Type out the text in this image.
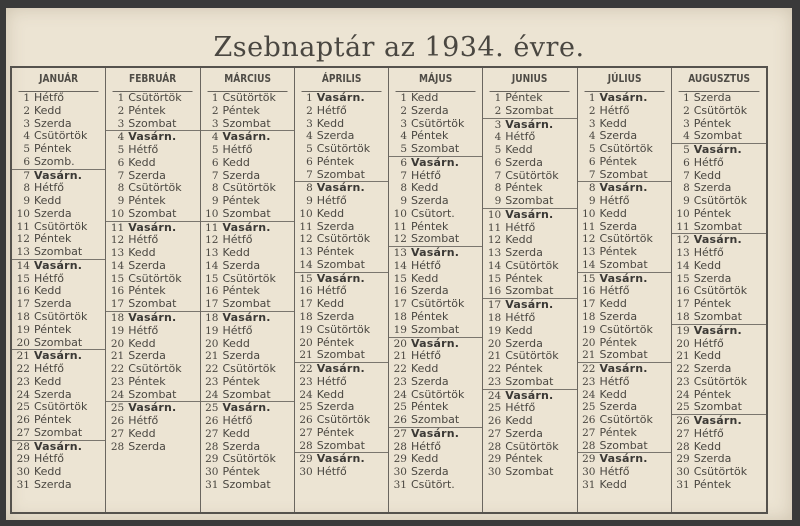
Zsebnaptár az 1934. évre.
JANUÁR
1 Hétfő
2 Kedd
3 Szerda
4 Csütörtök
5 Péntek
6 Szomb.
7 Vasárn.
8 Hétfő
9 Kedd
10 Szerda
11 Csütörtök
12 Péntek
13 Szombat
14 Vasárn.
15 Hétfő
16 Kedd
17 Szerda
18 Csütörtök
19 Péntek
20 Szombat
21 Vasárn.
22 Hétfő
23 Kedd
24 Szerda
25 Csütörtök
26 Péntek
27 Szombat
28 Vasárn.
29 Hétfő
30 Kedd
31 Szerda
FEBRUÁR
1 Csütörtök
2 Péntek
3 Szombat
4 Vasárn.
5 Hétfő
6 Kedd
7 Szerda
8 Csütörtök
9 Péntek
10 Szombat
11 Vasárn.
12 Hétfő
13 Kedd
14 Szerda
15 Csütörtök
16 Péntek
17 Szombat
18 Vasárn.
19 Hétfő
20 Kedd
21 Szerda
22 Csütörtök
23 Péntek
24 Szombat
25 Vasárn.
26 Hétfő
27 Kedd
28 Szerda
MÁRCIUS
1 Csütörtök
2 Péntek
3 Szombat
4 Vasárn.
5 Hétfő
6 Kedd
7 Szerda
8 Csütörtök
9 Péntek
10 Szombat
11 Vasárn.
12 Hétfő
13 Kedd
14 Szerda
15 Csütörtök
16 Péntek
17 Szombat
18 Vasárn.
19 Hétfő
20 Kedd
21 Szerda
22 Csütörtök
23 Péntek
24 Szombat
25 Vasárn.
26 Hétfő
27 Kedd
28 Szerda
29 Csütörtök
30 Péntek
31 Szombat
ÁPRILIS
1 Vasárn.
2 Hétfő
3 Kedd
4 Szerda
5 Csütörtök
6 Péntek
7 Szombat
8 Vasárn.
9 Hétfő
10 Kedd
11 Szerda
12 Csütörtök
13 Péntek
14 Szombat
15 Vasárn.
16 Hétfő
17 Kedd
18 Szerda
19 Csütörtök
20 Péntek
21 Szombat
22 Vasárn.
23 Hétfő
24 Kedd
25 Szerda
26 Csütörtök
27 Péntek
28 Szombat
29 Vasárn.
30 Hétfő
MÁJUS
1 Kedd
2 Szerda
3 Csütörtök
4 Péntek
5 Szombat
6 Vasárn.
7 Hétfő
8 Kedd
9 Szerda
10 Csütort.
11 Péntek
12 Szombat
13 Vasárn.
14 Hétfő
15 Kedd
16 Szerda
17 Csütörtök
18 Péntek
19 Szombat
20 Vasárn.
21 Hétfő
22 Kedd
23 Szerda
24 Csütörtök
25 Péntek
26 Szombat
27 Vasárn.
28 Hétfő
29 Kedd
30 Szerda
31 Csütört.
JUNIUS
1 Péntek
2 Szombat
3 Vasárn.
4 Hétfő
5 Kedd
6 Szerda
7 Csütörtök
8 Péntek
9 Szombat
10 Vasárn.
11 Hétfő
12 Kedd
13 Szerda
14 Csütörtök
15 Péntek
16 Szombat
17 Vasárn.
18 Hétfő
19 Kedd
20 Szerda
21 Csütörtök
22 Péntek
23 Szombat
24 Vasárn.
25 Hétfő
26 Kedd
27 Szerda
28 Csütörtök
29 Péntek
30 Szombat
JÚLIUS
1 Vasárn.
2 Hétfő
3 Kedd
4 Szerda
5 Csütörtök
6 Péntek
7 Szombat
8 Vasárn.
9 Hétfő
10 Kedd
11 Szerda
12 Csütörtök
13 Péntek
14 Szombat
15 Vasárn.
16 Hétfő
17 Kedd
18 Szerda
19 Csütörtök
20 Péntek
21 Szombat
22 Vasárn.
23 Hétfő
24 Kedd
25 Szerda
26 Csütörtök
27 Péntek
28 Szombat
29 Vasárn.
30 Hétfő
31 Kedd
AUGUSZTUS
1 Szerda
2 Csütörtök
3 Péntek
4 Szombat
5 Vasárn.
6 Hétfő
7 Kedd
8 Szerda
9 Csütörtök
10 Péntek
11 Szombat
12 Vasárn.
13 Hétfő
14 Kedd
15 Szerda
16 Csütörtök
17 Péntek
18 Szombat
19 Vasárn.
20 Hétfő
21 Kedd
22 Szerda
23 Csütörtök
24 Péntek
25 Szombat
26 Vasárn.
27 Hétfő
28 Kedd
29 Szerda
30 Csütörtök
31 Péntek
